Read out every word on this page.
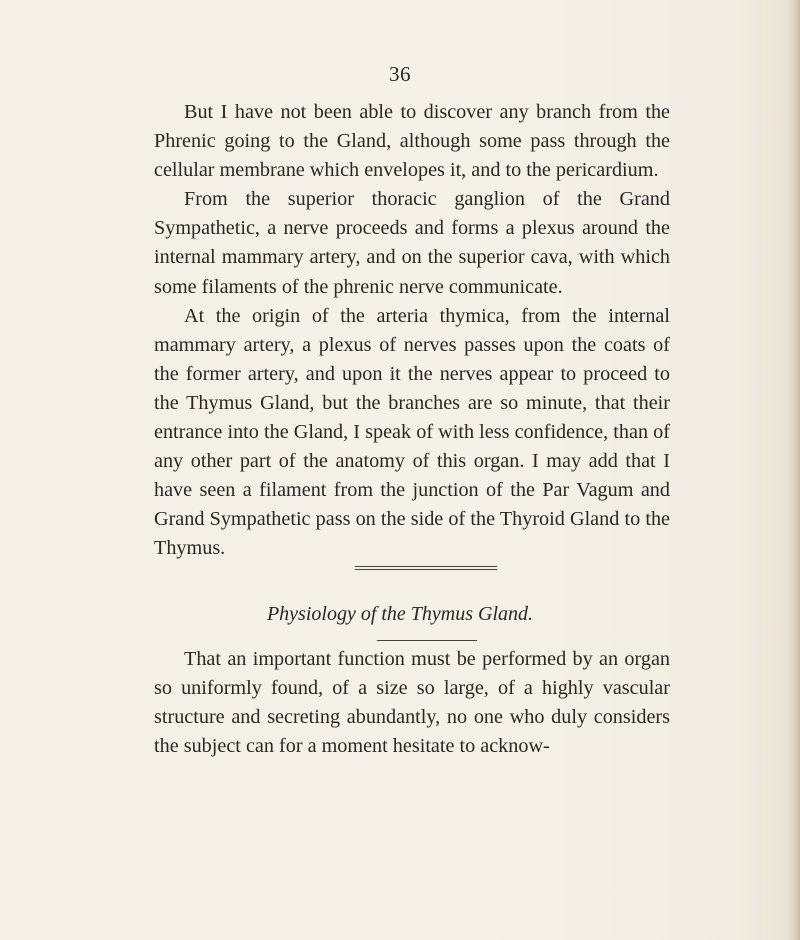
36

But I have not been able to discover any branch from the Phrenic going to the Gland, although some pass through the cellular membrane which envelopes it, and to the pericardium.

From the superior thoracic ganglion of the Grand Sympathetic, a nerve proceeds and forms a plexus around the internal mammary artery, and on the superior cava, with which some filaments of the phrenic nerve communicate.

At the origin of the arteria thymica, from the internal mammary artery, a plexus of nerves passes upon the coats of the former artery, and upon it the nerves appear to proceed to the Thymus Gland, but the branches are so minute, that their entrance into the Gland, I speak of with less confidence, than of any other part of the anatomy of this organ. I may add that I have seen a filament from the junction of the Par Vagum and Grand Sympathetic pass on the side of the Thyroid Gland to the Thymus.

Physiology of the Thymus Gland.

That an important function must be performed by an organ so uniformly found, of a size so large, of a highly vascular structure and secreting abundantly, no one who duly considers the subject can for a moment hesitate to acknow-
